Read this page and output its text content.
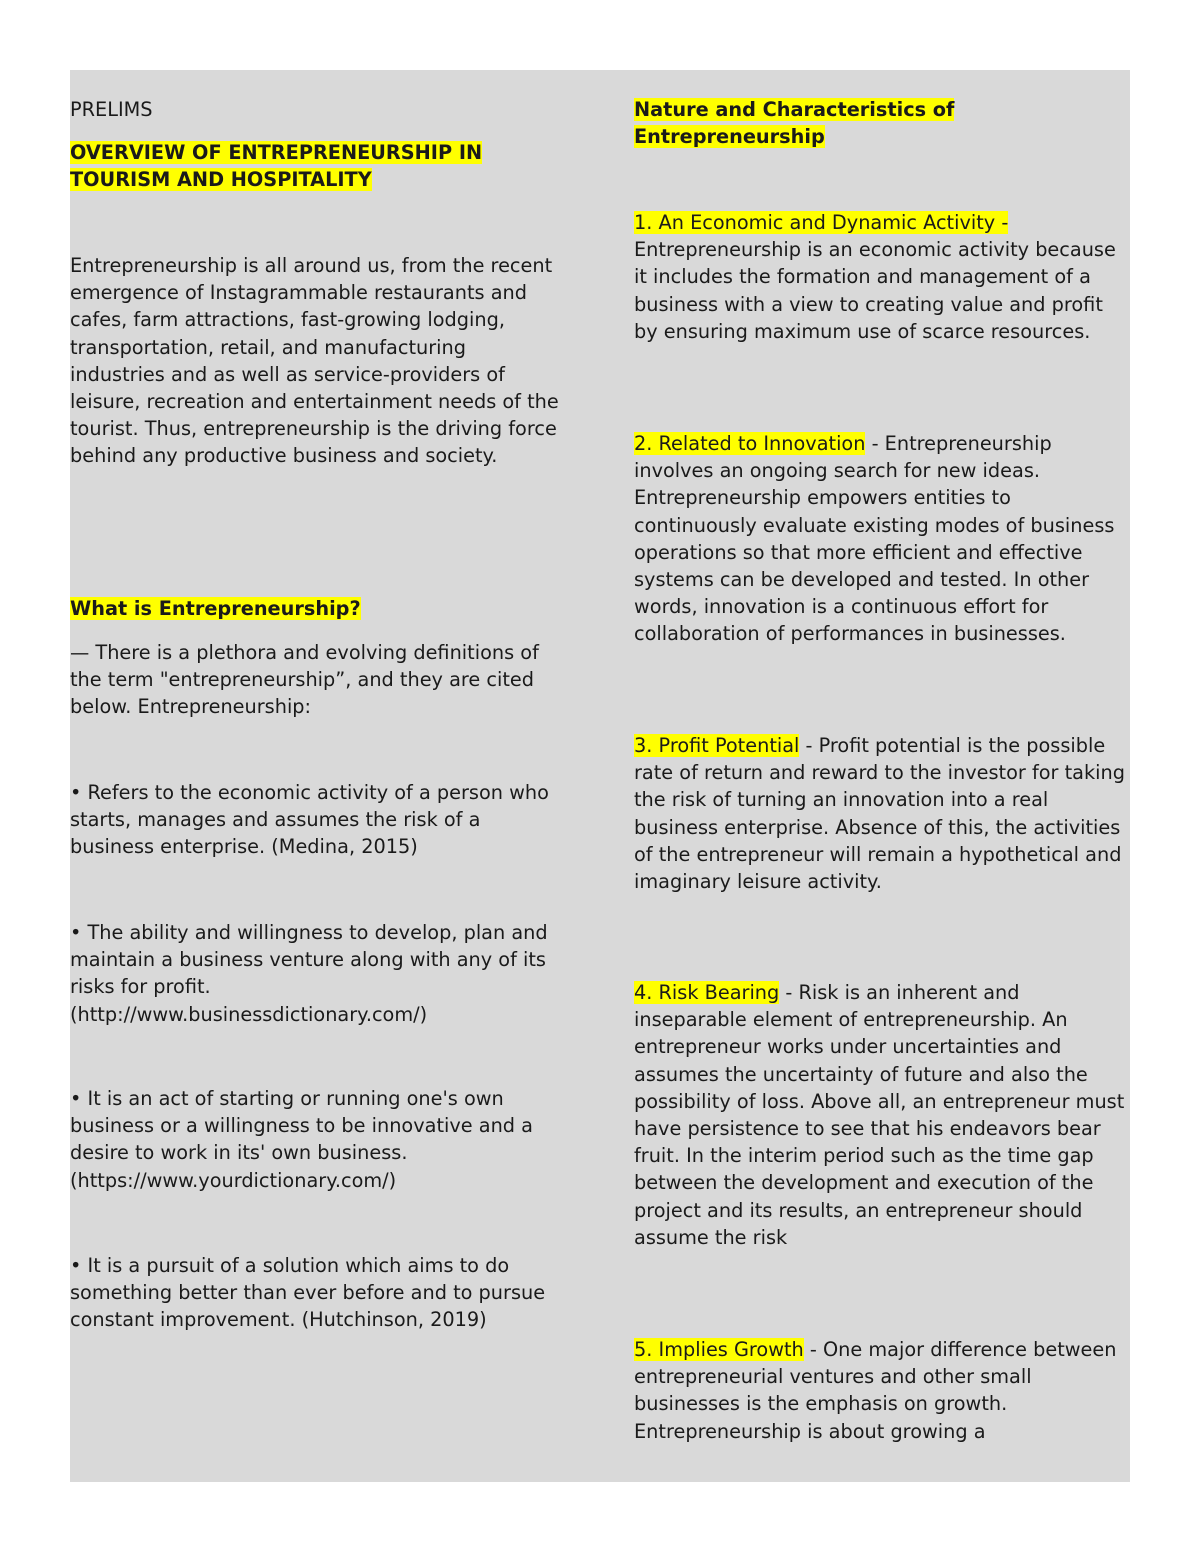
PRELIMS

OVERVIEW OF ENTREPRENEURSHIP IN TOURISM AND HOSPITALITY

Entrepreneurship is all around us, from the recent emergence of Instagrammable restaurants and cafes, farm attractions, fast-growing lodging, transportation, retail, and manufacturing industries and as well as service-providers of leisure, recreation and entertainment needs of the tourist. Thus, entrepreneurship is the driving force behind any productive business and society.

What is Entrepreneurship?

— There is a plethora and evolving definitions of the term "entrepreneurship”, and they are cited below. Entrepreneurship:

• Refers to the economic activity of a person who starts, manages and assumes the risk of a business enterprise. (Medina, 2015)

• The ability and willingness to develop, plan and maintain a business venture along with any of its risks for profit. (http://www.businessdictionary.com/)

• It is an act of starting or running one's own business or a willingness to be innovative and a desire to work in its' own business. (https://www.yourdictionary.com/)

• It is a pursuit of a solution which aims to do something better than ever before and to pursue constant improvement. (Hutchinson, 2019)

Nature and Characteristics of Entrepreneurship

1. An Economic and Dynamic Activity - Entrepreneurship is an economic activity because it includes the formation and management of a business with a view to creating value and profit by ensuring maximum use of scarce resources.

2. Related to Innovation - Entrepreneurship involves an ongoing search for new ideas. Entrepreneurship empowers entities to continuously evaluate existing modes of business operations so that more efficient and effective systems can be developed and tested. In other words, innovation is a continuous effort for collaboration of performances in businesses.

3. Profit Potential - Profit potential is the possible rate of return and reward to the investor for taking the risk of turning an innovation into a real business enterprise. Absence of this, the activities of the entrepreneur will remain a hypothetical and imaginary leisure activity.

4. Risk Bearing - Risk is an inherent and inseparable element of entrepreneurship. An entrepreneur works under uncertainties and assumes the uncertainty of future and also the possibility of loss. Above all, an entrepreneur must have persistence to see that his endeavors bear fruit. In the interim period such as the time gap between the development and execution of the project and its results, an entrepreneur should assume the risk

5. Implies Growth - One major difference between entrepreneurial ventures and other small businesses is the emphasis on growth. Entrepreneurship is about growing a
